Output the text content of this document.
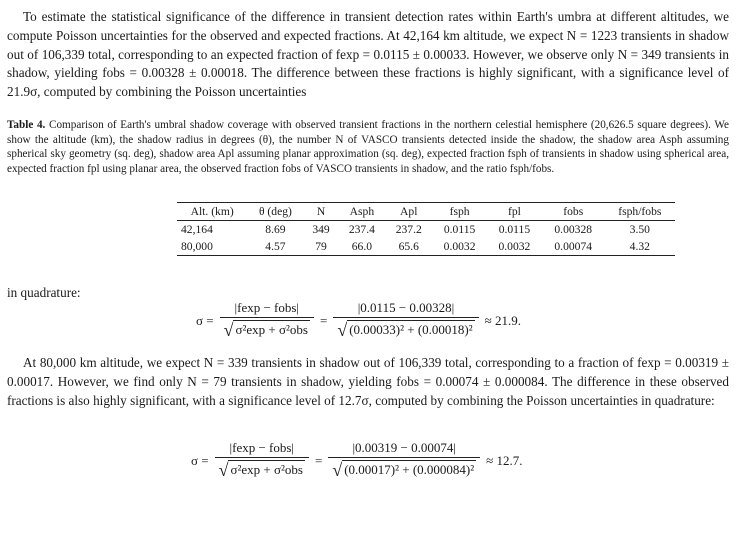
To estimate the statistical significance of the difference in transient detection rates within Earth's umbra at different altitudes, we compute Poisson uncertainties for the observed and expected fractions. At 42,164 km altitude, we expect N = 1223 transients in shadow out of 106,339 total, corresponding to an expected fraction of fexp = 0.0115 ± 0.00033. However, we observe only N = 349 transients in shadow, yielding fobs = 0.00328 ± 0.00018. The difference between these fractions is highly significant, with a significance level of 21.9σ, computed by combining the Poisson uncertainties
Table 4. Comparison of Earth's umbral shadow coverage with observed transient fractions in the northern celestial hemisphere (20,626.5 square degrees). We show the altitude (km), the shadow radius in degrees (θ), the number N of VASCO transients detected inside the shadow, the shadow area Asph assuming spherical sky geometry (sq. deg), shadow area Apl assuming planar approximation (sq. deg), expected fraction fsph of transients in shadow using spherical area, expected fraction fpl using planar area, the observed fraction fobs of VASCO transients in shadow, and the ratio fsph/fobs.
Alt. (km)	θ (deg)	N	Asph	Apl	fsph	fpl	fobs	fsph/fobs
42,164	8.69	349	237.4	237.2	0.0115	0.0115	0.00328	3.50
80,000	4.57	79	66.0	65.6	0.0032	0.0032	0.00074	4.32
in quadrature:
$\sigma = \frac{\text{|fexp − fobs|}}{\text{√ σ²exp + σ²obs}} = \frac{|0.0115 - 0.00328|}{\text{√ (0.00033)² + (0.00018)²}} \approx 21.9$.
At 80,000 km altitude, we expect N = 339 transients in shadow out of 106,339 total, corresponding to a fraction of fexp = 0.00319 ± 0.00017. However, we find only N = 79 transients in shadow, yielding fobs = 0.00074 ± 0.000084. The difference in these observed fractions is also highly significant, with a significance level of 12.7σ, computed by combining the Poisson uncertainties in quadrature:
$\sigma = \frac{\text{|fexp − fobs|}}{\text{√ σ²exp + σ²obs}} = \frac{|0.00319 - 0.00074|}{\text{√ (0.00017)² + (0.000084)²}} \approx 12.7$.
